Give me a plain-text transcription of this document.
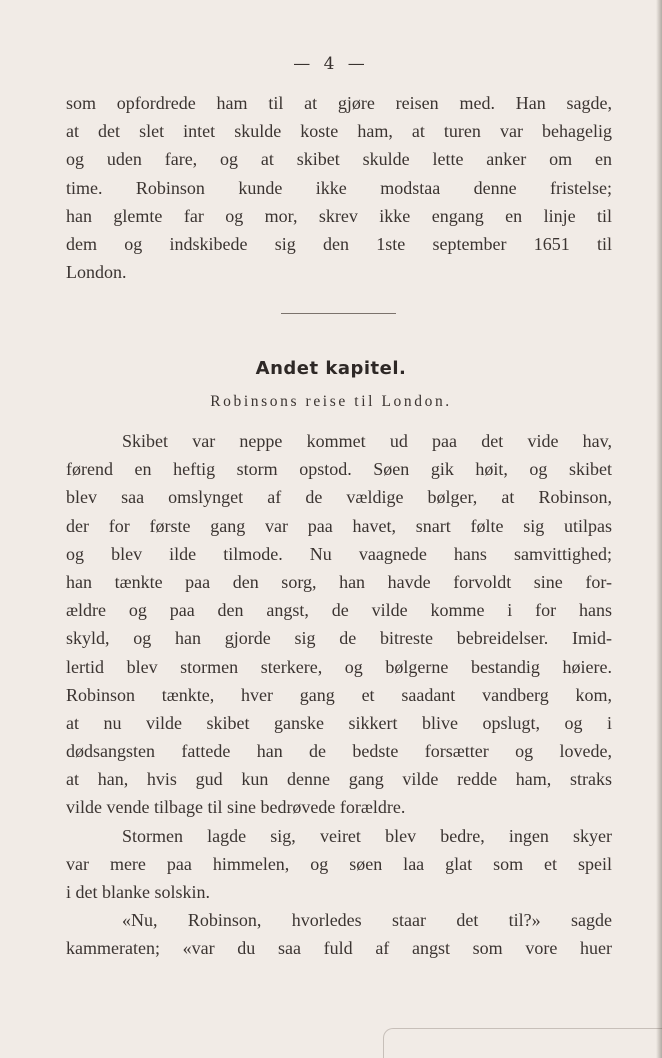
— 4 —
som opfordrede ham til at gjøre reisen med. Han sagde,
at det slet intet skulde koste ham, at turen var behagelig
og uden fare, og at skibet skulde lette anker om en
time. Robinson kunde ikke modstaa denne fristelse;
han glemte far og mor, skrev ikke engang en linje til
dem og indskibede sig den 1ste september 1651 til
London.
Andet kapitel.
Robinsons reise til London.
Skibet var neppe kommet ud paa det vide hav,
førend en heftig storm opstod. Søen gik høit, og skibet
blev saa omslynget af de vældige bølger, at Robinson,
der for første gang var paa havet, snart følte sig utilpas
og blev ilde tilmode. Nu vaagnede hans samvittighed;
han tænkte paa den sorg, han havde forvoldt sine for-
ældre og paa den angst, de vilde komme i for hans
skyld, og han gjorde sig de bitreste bebreidelser. Imid-
lertid blev stormen sterkere, og bølgerne bestandig høiere.
Robinson tænkte, hver gang et saadant vandberg kom,
at nu vilde skibet ganske sikkert blive opslugt, og i
dødsangsten fattede han de bedste forsætter og lovede,
at han, hvis gud kun denne gang vilde redde ham, straks
vilde vende tilbage til sine bedrøvede forældre.
Stormen lagde sig, veiret blev bedre, ingen skyer
var mere paa himmelen, og søen laa glat som et speil
i det blanke solskin.
«Nu, Robinson, hvorledes staar det til?» sagde
kammeraten; «var du saa fuld af angst som vore huer
